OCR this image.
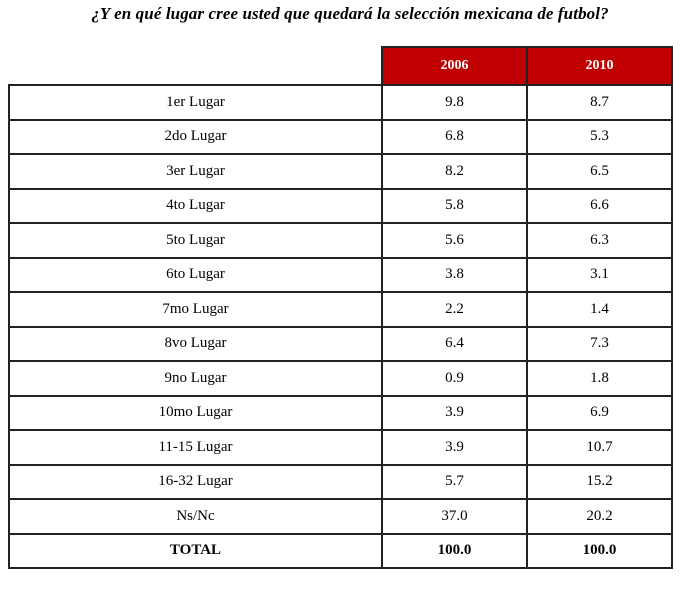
¿Y en qué lugar cree usted que quedará la selección mexicana de futbol?
	2006	2010
1er Lugar	9.8	8.7
2do Lugar	6.8	5.3
3er Lugar	8.2	6.5
4to Lugar	5.8	6.6
5to Lugar	5.6	6.3
6to Lugar	3.8	3.1
7mo Lugar	2.2	1.4
8vo Lugar	6.4	7.3
9no Lugar	0.9	1.8
10mo Lugar	3.9	6.9
11-15 Lugar	3.9	10.7
16-32 Lugar	5.7	15.2
Ns/Nc	37.0	20.2
TOTAL	100.0	100.0
